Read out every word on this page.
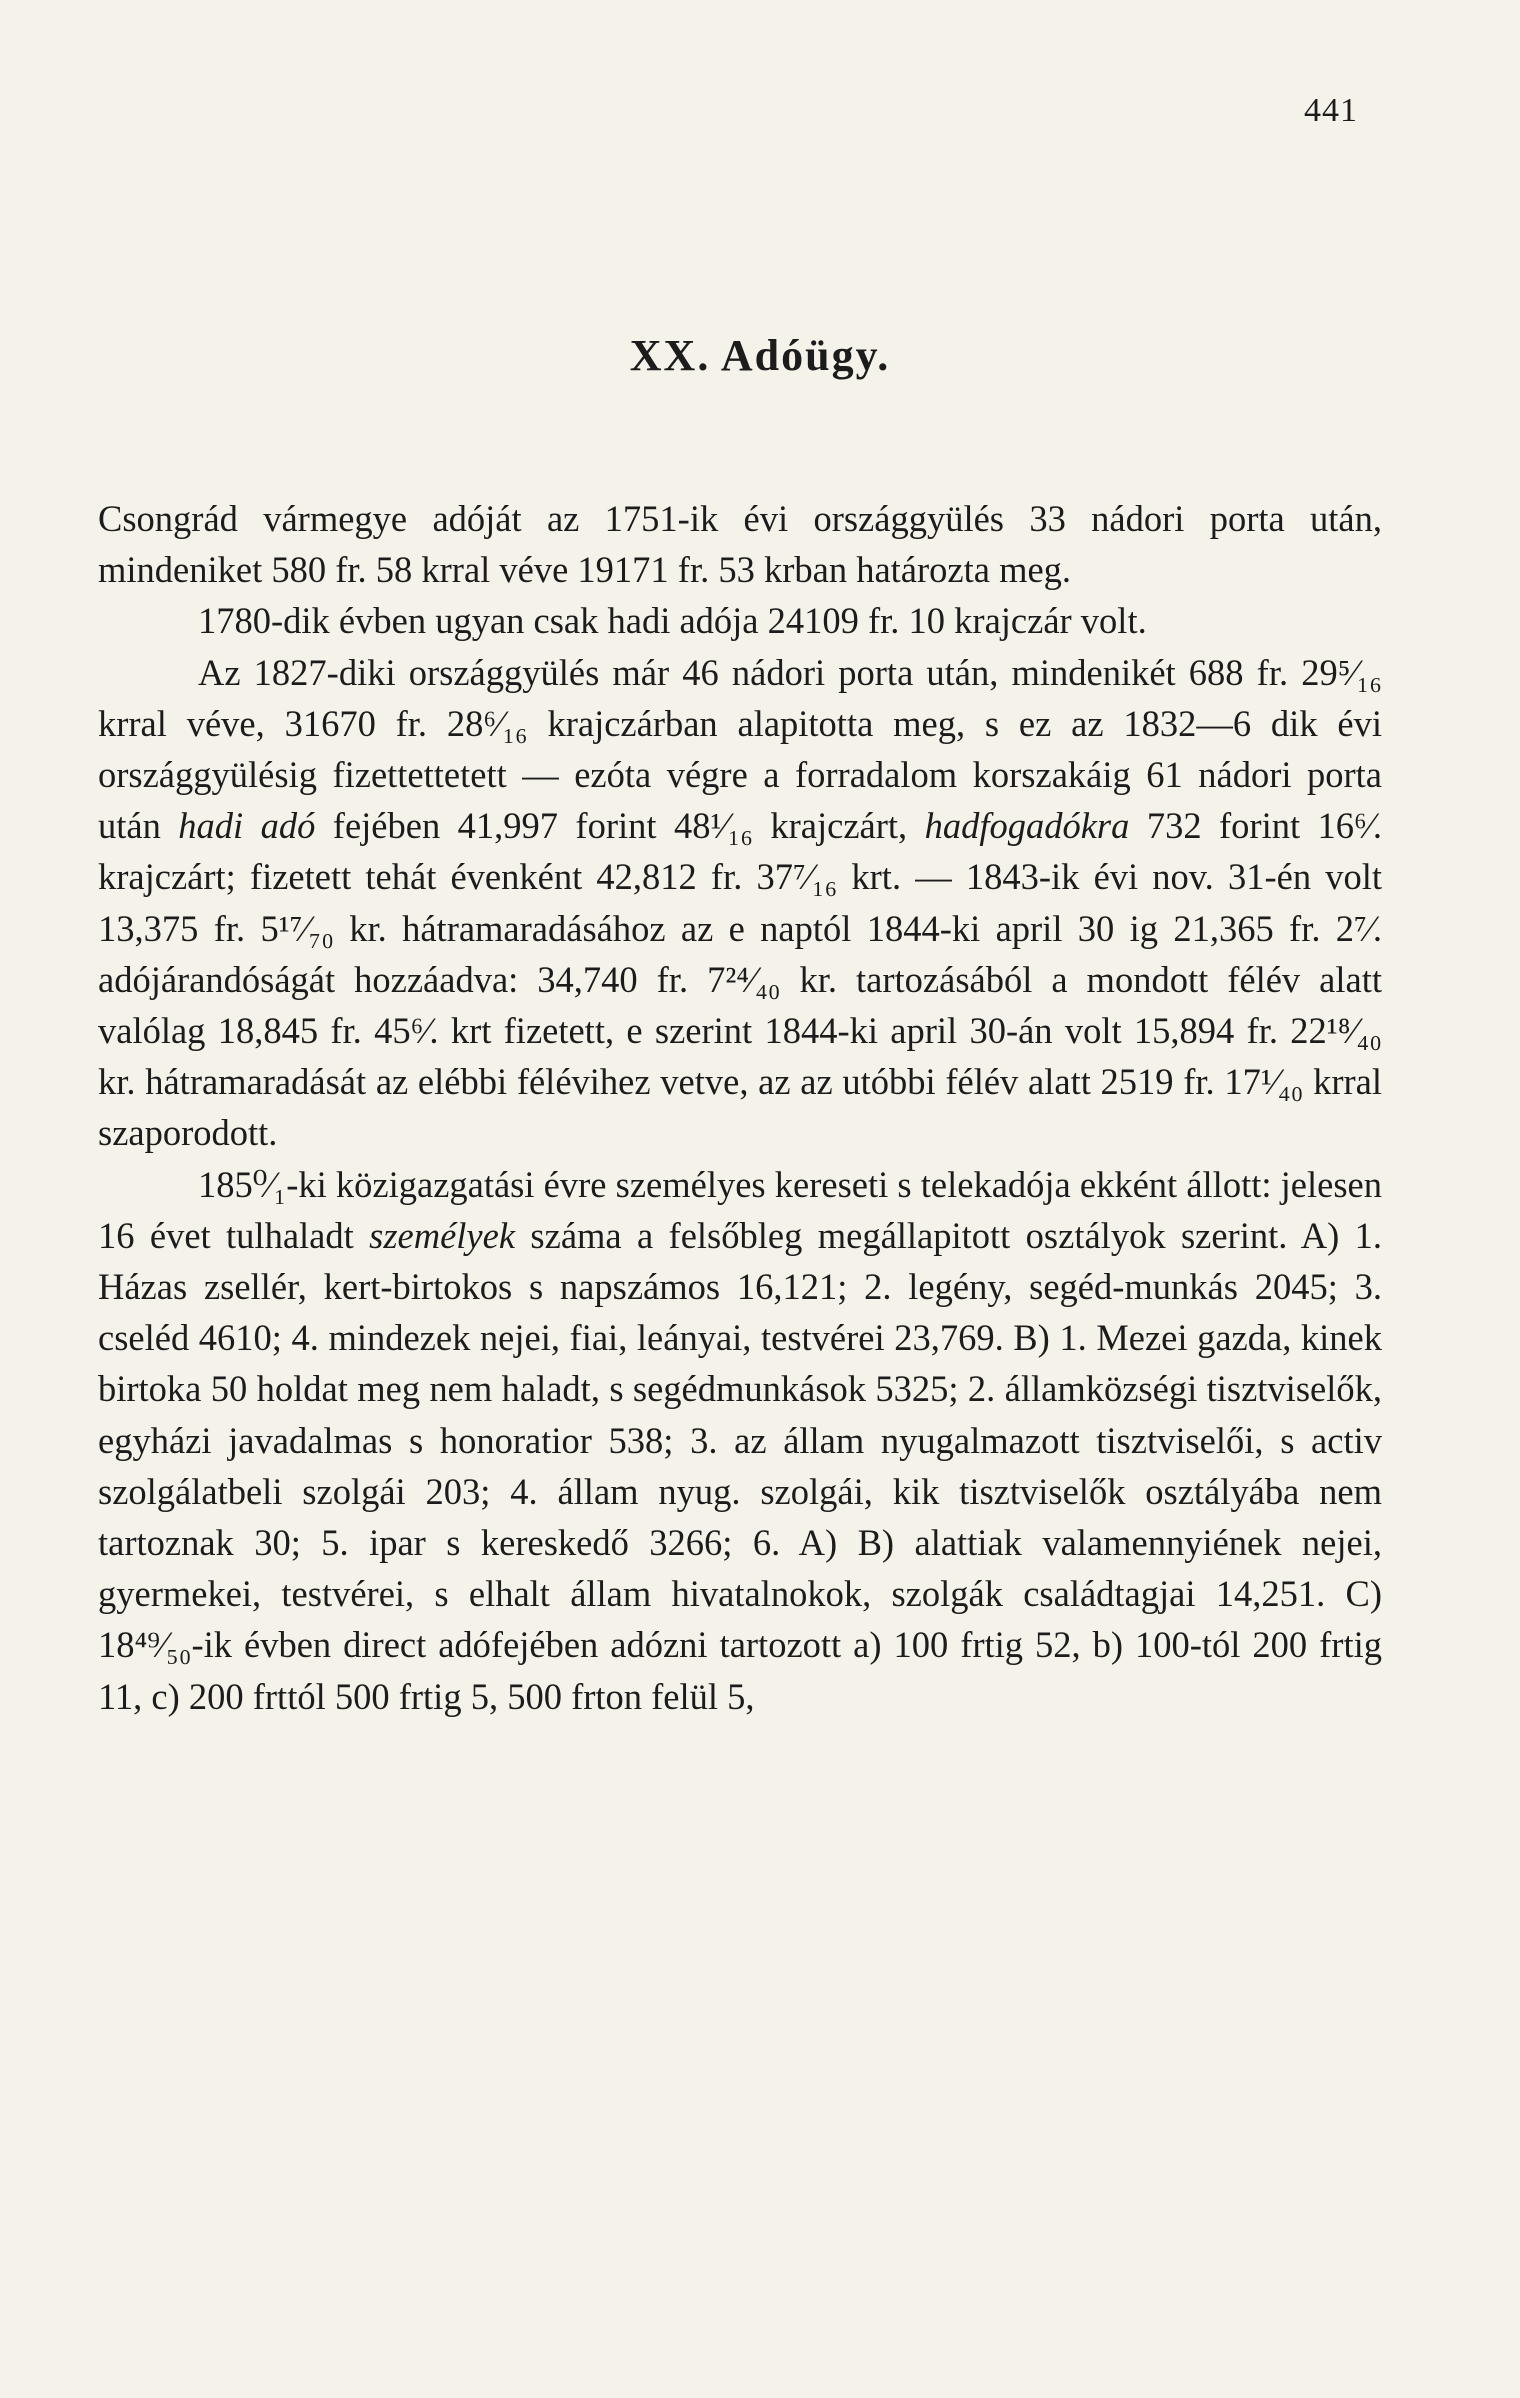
441
XX. Adóügy.

Csongrád vármegye adóját az 1751-ik évi országgyülés 33 nádori porta után, mindeniket 580 fr. 58 krral véve 19171 fr. 53 krban határozta meg.

1780-dik évben ugyan csak hadi adója 24109 fr. 10 krajczár volt.

Az 1827-diki országgyülés már 46 nádori porta után, mindenikét 688 fr. 29⁵⁄₁₆ krral véve, 31670 fr. 28⁶⁄₁₆ krajczárban alapitotta meg, s ez az 1832—6 dik évi országgyülésig fizettettetett — ezóta végre a forradalom korszakáig 61 nádori porta után hadi adó fejében 41,997 forint 48¹⁄₁₆ krajczárt, hadfogadókra 732 forint 16⁶⁄. krajczárt; fizetett tehát évenként 42,812 fr. 37⁷⁄₁₆ krt. — 1843-ik évi nov. 31-én volt 13,375 fr. 5¹⁷⁄₇₀ kr. hátramaradásához az e naptól 1844-ki april 30 ig 21,365 fr. 2⁷⁄. adójárandóságát hozzáadva: 34,740 fr. 7²⁴⁄₄₀ kr. tartozásából a mondott félév alatt valólag 18,845 fr. 45⁶⁄. krt fizetett, e szerint 1844-ki april 30-án volt 15,894 fr. 22¹⁸⁄₄₀ kr. hátramaradását az elébbi félévihez vetve, az az utóbbi félév alatt 2519 fr. 17¹⁄₄₀ krral szaporodott.

185⁰⁄₁-ki közigazgatási évre személyes kereseti s telekadója ekként állott: jelesen 16 évet tulhaladt személyek száma a felsőbleg megállapitott osztályok szerint. A) 1. Házas zsellér, kert-birtokos s napszámos 16,121; 2. legény, segéd-munkás 2045; 3. cseléd 4610; 4. mindezek nejei, fiai, leányai, testvérei 23,769. B) 1. Mezei gazda, kinek birtoka 50 holdat meg nem haladt, s segédmunkások 5325; 2. államközségi tisztviselők, egyházi javadalmas s honoratior 538; 3. az állam nyugalmazott tisztviselői, s activ szolgálatbeli szolgái 203; 4. állam nyug. szolgái, kik tisztviselők osztályába nem tartoznak 30; 5. ipar s kereskedő 3266; 6. A) B) alattiak valamennyiének nejei, gyermekei, testvérei, s elhalt állam hivatalnokok, szolgák családtagjai 14,251. C) 18⁴⁹⁄₅₀-ik évben direct adófejében adózni tartozott a) 100 frtig 52, b) 100-tól 200 frtig 11, c) 200 frttól 500 frtig 5, 500 frton felül 5,
